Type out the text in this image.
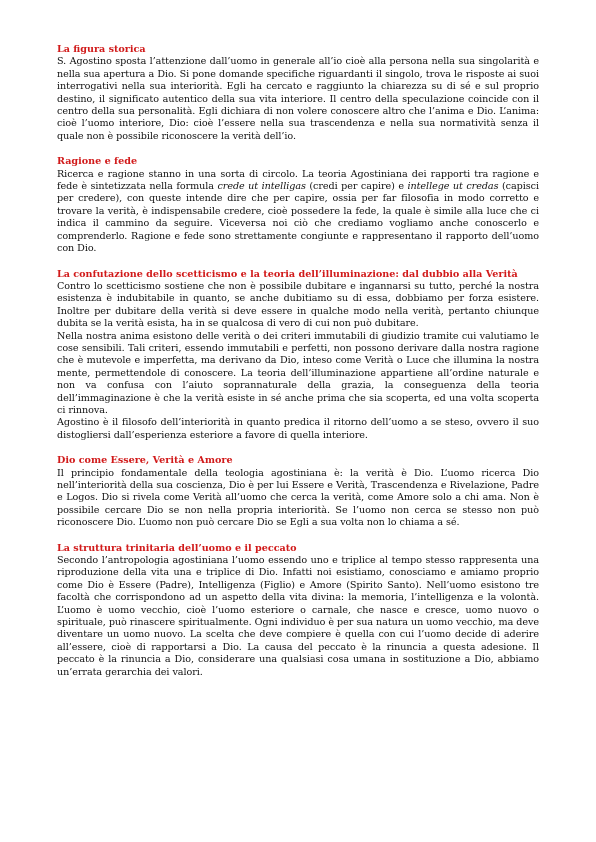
La figura storica

S. Agostino sposta l’attenzione dall’uomo in generale all’io cioè alla persona nella sua singolarità e nella sua apertura a Dio. Si pone domande specifiche riguardanti il singolo, trova le risposte ai suoi interrogativi nella sua interiorità. Egli ha cercato e raggiunto la chiarezza su di sé e sul proprio destino, il significato autentico della sua vita interiore. Il centro della speculazione coincide con il centro della sua personalità. Egli dichiara di non volere conoscere altro che l’anima e Dio. L’anima: cioè l’uomo interiore, Dio: cioè l’essere nella sua trascendenza e nella sua normatività senza il quale non è possibile riconoscere la verità dell’io.

Ragione e fede

Ricerca e ragione stanno in una sorta di circolo. La teoria Agostiniana dei rapporti tra ragione e fede è sintetizzata nella formula crede ut intelligas (credi per capire) e intellege ut credas (capisci per credere), con queste intende dire che per capire, ossia per far filosofia in modo corretto e trovare la verità, è indispensabile credere, cioè possedere la fede, la quale è simile alla luce che ci indica il cammino da seguire. Viceversa noi ciò che crediamo vogliamo anche conoscerlo e comprenderlo. Ragione e fede sono strettamente congiunte e rappresentano il rapporto dell’uomo con Dio.

La confutazione dello scetticismo e la teoria dell’illuminazione: dal dubbio alla Verità

Contro lo scetticismo sostiene che non è possibile dubitare e ingannarsi su tutto, perché la nostra esistenza è indubitabile in quanto, se anche dubitiamo su di essa, dobbiamo per forza esistere. Inoltre per dubitare della verità si deve essere in qualche modo nella verità, pertanto chiunque dubita se la verità esista, ha in se qualcosa di vero di cui non può dubitare.

Nella nostra anima esistono delle verità o dei criteri immutabili di giudizio tramite cui valutiamo le cose sensibili. Tali criteri, essendo immutabili e perfetti, non possono derivare dalla nostra ragione che è mutevole e imperfetta, ma derivano da Dio, inteso come Verità o Luce che illumina la nostra mente, permettendole di conoscere. La teoria dell’illuminazione appartiene all’ordine naturale e non va confusa con l’aiuto soprannaturale della grazia, la conseguenza della teoria dell’immaginazione è che la verità esiste in sé anche prima che sia scoperta, ed una volta scoperta ci rinnova.

Agostino è il filosofo dell’interiorità in quanto predica il ritorno dell’uomo a se steso, ovvero il suo distogliersi dall’esperienza esteriore a favore di quella interiore.

Dio come Essere, Verità e Amore

Il principio fondamentale della teologia agostiniana è: la verità è Dio. L’uomo ricerca Dio nell’interiorità della sua coscienza, Dio è per lui Essere e Verità, Trascendenza e Rivelazione, Padre e Logos. Dio si rivela come Verità all’uomo che cerca la verità, come Amore solo a chi ama. Non è possibile cercare Dio se non nella propria interiorità. Se l’uomo non cerca se stesso non può riconoscere Dio. L’uomo non può cercare Dio se Egli a sua volta non lo chiama a sé.

La struttura trinitaria dell’uomo e il peccato

Secondo l’antropologia agostiniana l’uomo essendo uno e triplice al tempo stesso rappresenta una riproduzione della vita una e triplice di Dio. Infatti noi esistiamo, conosciamo e amiamo proprio come Dio è Essere (Padre), Intelligenza (Figlio) e Amore (Spirito Santo). Nell’uomo esistono tre facoltà che corrispondono ad un aspetto della vita divina: la memoria, l’intelligenza e la volontà. L’uomo è uomo vecchio, cioè l’uomo esteriore o carnale, che nasce e cresce, uomo nuovo o spirituale, può rinascere spiritualmente. Ogni individuo è per sua natura un uomo vecchio, ma deve diventare un uomo nuovo. La scelta che deve compiere è quella con cui l’uomo decide di aderire all’essere, cioè di rapportarsi a Dio. La causa del peccato è la rinuncia a questa adesione. Il peccato è la rinuncia a Dio, considerare una qualsiasi cosa umana in sostituzione a Dio, abbiamo un’errata gerarchia dei valori.
